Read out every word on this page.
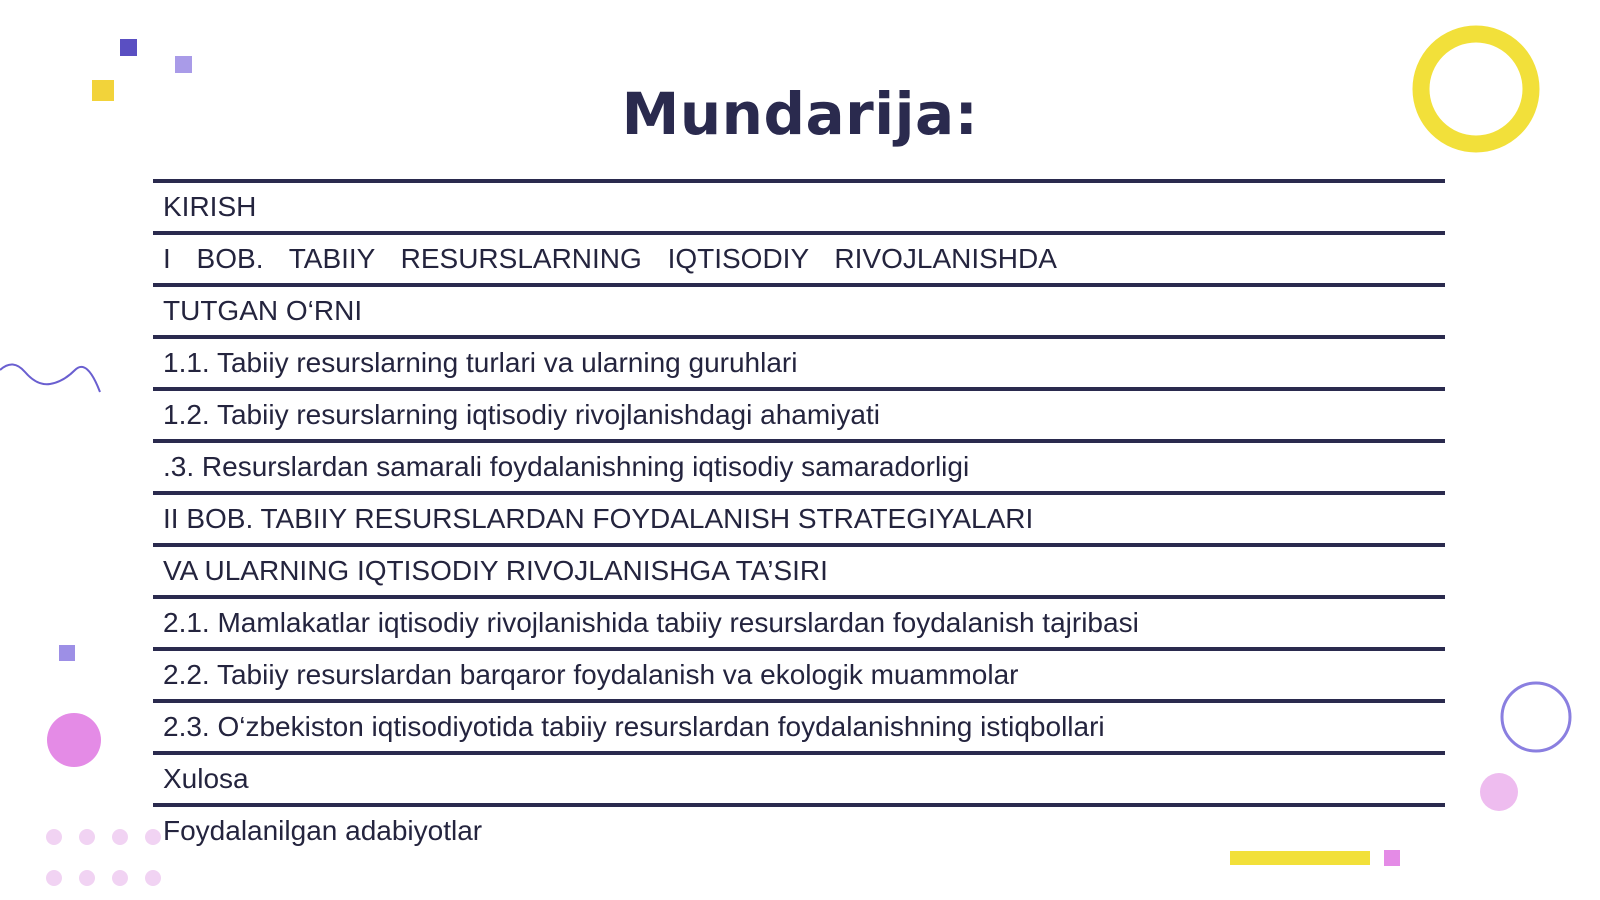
Mundarija:
KIRISH
I BOB. TABIIY RESURSLARNING IQTISODIY RIVOJLANISHDA
TUTGAN O‘RNI
1.1. Tabiiy resurslarning turlari va ularning guruhlari
1.2. Tabiiy resurslarning iqtisodiy rivojlanishdagi ahamiyati
.3. Resurslardan samarali foydalanishning iqtisodiy samaradorligi
II BOB. TABIIY RESURSLARDAN FOYDALANISH STRATEGIYALARI
VA ULARNING IQTISODIY RIVOJLANISHGA TA’SIRI
2.1. Mamlakatlar iqtisodiy rivojlanishida tabiiy resurslardan foydalanish tajribasi
2.2. Tabiiy resurslardan barqaror foydalanish va ekologik muammolar
2.3. O‘zbekiston iqtisodiyotida tabiiy resurslardan foydalanishning istiqbollari
Xulosa
Foydalanilgan adabiyotlar
